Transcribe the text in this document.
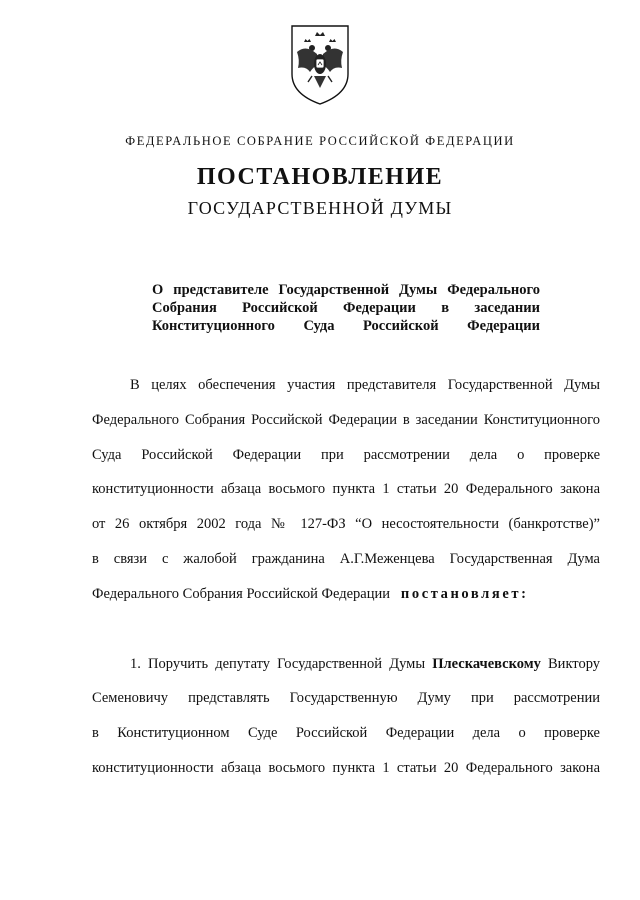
ФЕДЕРАЛЬНОЕ СОБРАНИЕ РОССИЙСКОЙ ФЕДЕРАЦИИ
ПОСТАНОВЛЕНИЕ
ГОСУДАРСТВЕННОЙ ДУМЫ
О представителе Государственной Думы Федерального
Собрания Российской Федерации в заседании
Конституционного Суда Российской Федерации
В целях обеспечения участия представителя Государственной Думы
Федерального Собрания Российской Федерации в заседании Конституционного
Суда Российской Федерации при рассмотрении дела о проверке
конституционности абзаца восьмого пункта 1 статьи 20 Федерального закона
от 26 октября 2002 года № 127-ФЗ “О несостоятельности (банкротстве)”
в связи с жалобой гражданина А.Г.Меженцева Государственная Дума
Федерального Собрания Российской Федерации постановляет:
1. Поручить депутату Государственной Думы Плескачевскому Виктору
Семеновичу представлять Государственную Думу при рассмотрении
в Конституционном Суде Российской Федерации дела о проверке
конституционности абзаца восьмого пункта 1 статьи 20 Федерального закона
